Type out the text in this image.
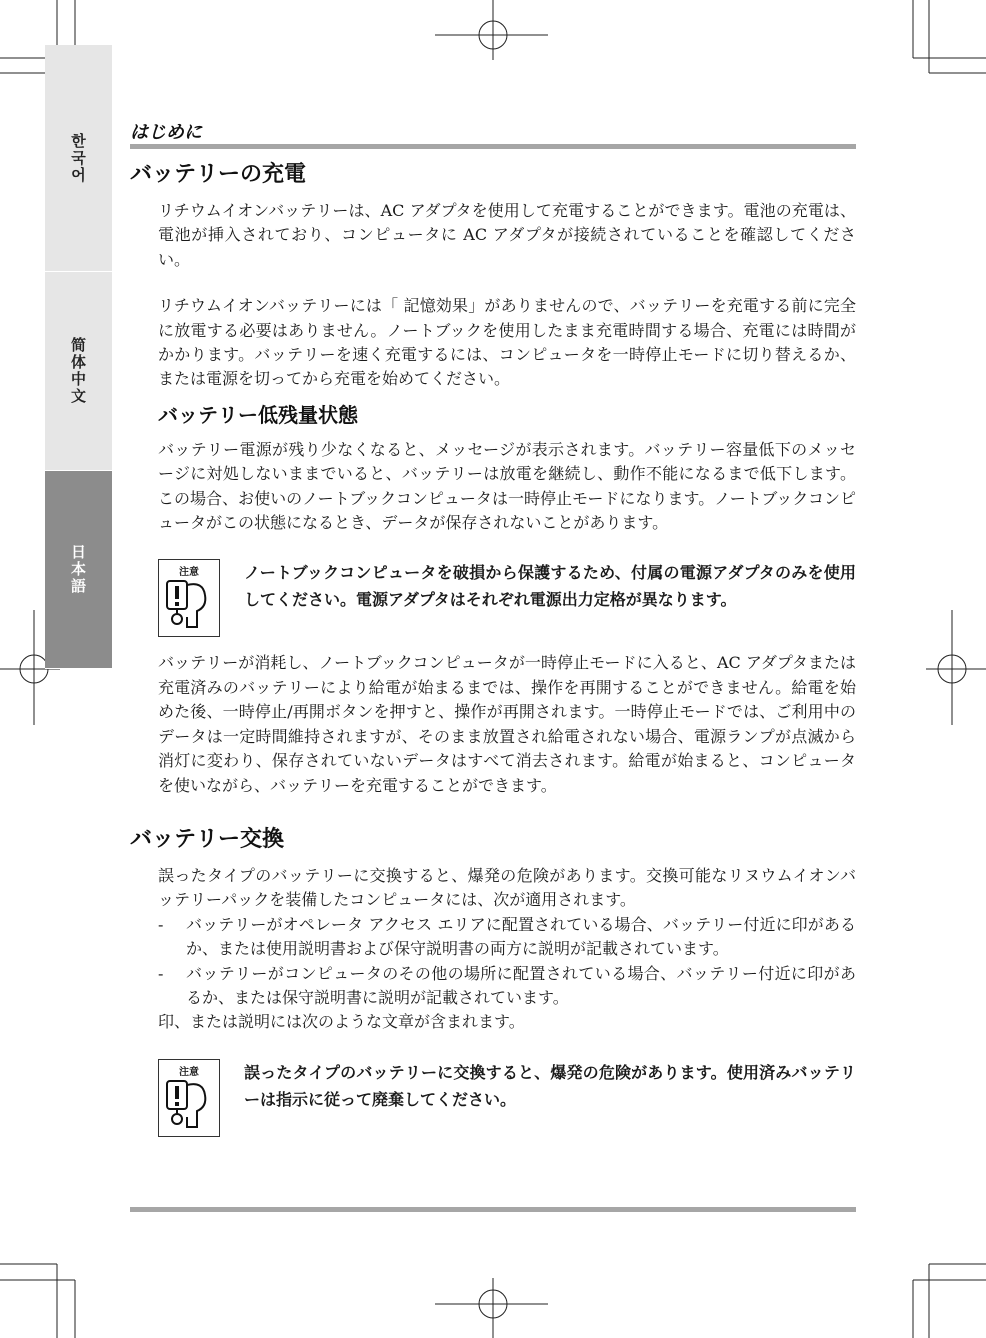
한국어
简体中文
日本語
はじめに
バッテリーの充電

リチウムイオンバッテリーは、AC アダプタを使用して充電することができます。電池の充電は、電池が挿入されており、コンピュータに AC アダプタが接続されていることを確認してください。

リチウムイオンバッテリーには「 記憶効果」がありませんので、バッテリーを充電する前に完全に放電する必要はありません。ノートブックを使用したまま充電時間する場合、充電には時間がかかります。バッテリーを速く充電するには、コンピュータを一時停止モードに切り替えるか、または電源を切ってから充電を始めてください。

バッテリー低残量状態

バッテリー電源が残り少なくなると、メッセージが表示されます。バッテリー容量低下のメッセージに対処しないままでいると、バッテリーは放電を継続し、動作不能になるまで低下します。この場合、お使いのノートブックコンピュータは一時停止モードになります。ノートブックコンピュータがこの状態になるとき、データが保存されないことがあります。

注意	ノートブックコンピュータを破損から保護するため、付属の電源アダプタのみを使用してください。電源アダプタはそれぞれ電源出力定格が異なります。

バッテリーが消耗し、ノートブックコンピュータが一時停止モードに入ると、AC アダプタまたは充電済みのバッテリーにより給電が始まるまでは、操作を再開することができません。給電を始めた後、一時停止/再開ボタンを押すと、操作が再開されます。一時停止モードでは、ご利用中のデータは一定時間維持されますが、そのまま放置され給電されない場合、電源ランプが点滅から消灯に変わり、保存されていないデータはすべて消去されます。給電が始まると、コンピュータを使いながら、バッテリーを充電することができます。

バッテリー交換

誤ったタイプのバッテリーに交換すると、爆発の危険があります。交換可能なリヌウムイオンバッテリーパックを装備したコンピュータには、次が適用されます。

- バッテリーがオペレータ アクセス エリアに配置されている場合、バッテリー付近に印があるか、または使用説明書および保守説明書の両方に説明が記載されています。
- バッテリーがコンピュータのその他の場所に配置されている場合、バッテリー付近に印があるか、または保守説明書に説明が記載されています。

印、または説明には次のような文章が含まれます。

注意	誤ったタイプのバッテリーに交換すると、爆発の危険があります。使用済みバッテリーは指示に従って廃棄してください。
